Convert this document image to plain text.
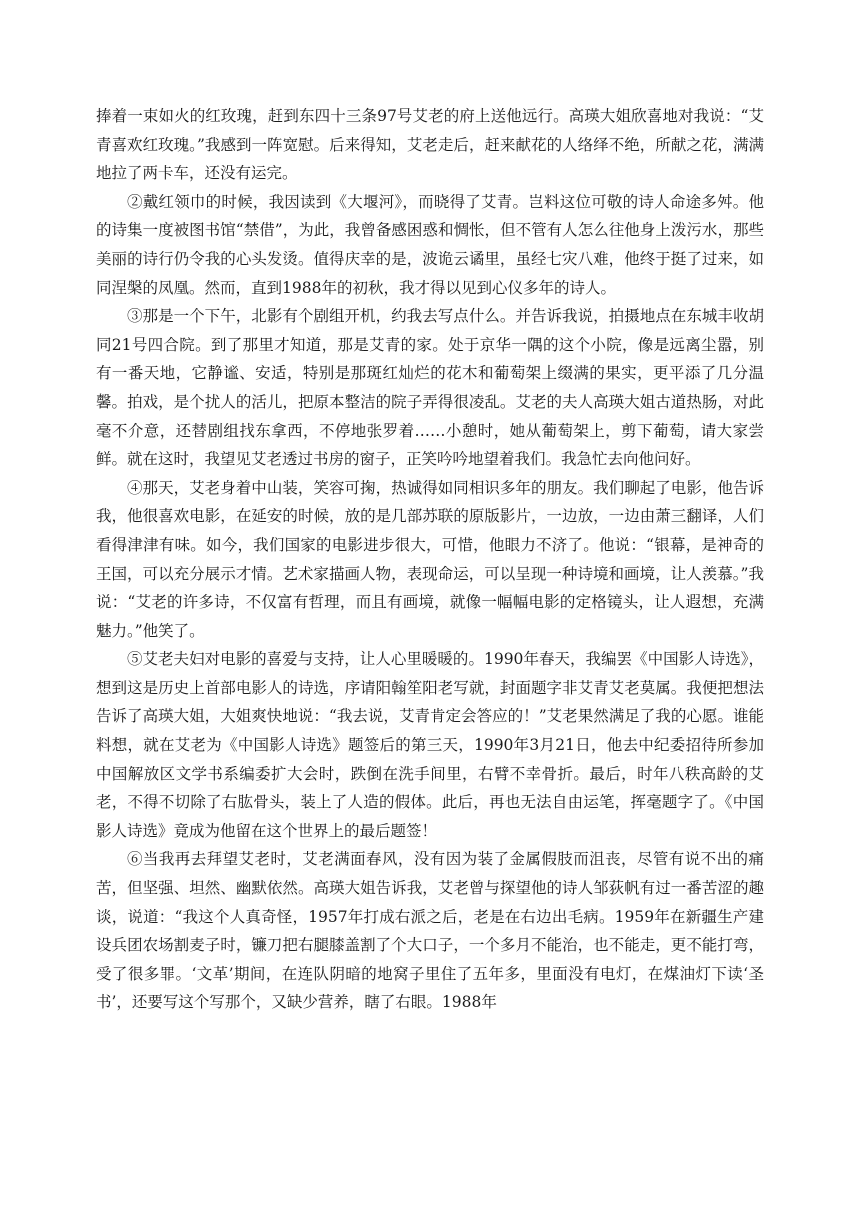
捧着一束如火的红玫瑰，赶到东四十三条97号艾老的府上送他远行。高瑛大姐欣喜地对我说：“艾青喜欢红玫瑰。”我感到一阵宽慰。后来得知，艾老走后，赶来献花的人络绎不绝，所献之花，满满地拉了两卡车，还没有运完。

②戴红领巾的时候，我因读到《大堰河》，而晓得了艾青。岂料这位可敬的诗人命途多舛。他的诗集一度被图书馆“禁借”，为此，我曾备感困惑和惆怅，但不管有人怎么往他身上泼污水，那些美丽的诗行仍令我的心头发烫。值得庆幸的是，波诡云谲里，虽经七灾八难，他终于挺了过来，如同涅槃的凤凰。然而，直到1988年的初秋，我才得以见到心仪多年的诗人。

③那是一个下午，北影有个剧组开机，约我去写点什么。并告诉我说，拍摄地点在东城丰收胡同21号四合院。到了那里才知道，那是艾青的家。处于京华一隅的这个小院，像是远离尘嚣，别有一番天地，它静谧、安适，特别是那斑红灿烂的花木和葡萄架上缀满的果实，更平添了几分温馨。拍戏，是个扰人的活儿，把原本整洁的院子弄得很凌乱。艾老的夫人高瑛大姐古道热肠，对此毫不介意，还替剧组找东拿西，不停地张罗着……小憩时，她从葡萄架上，剪下葡萄，请大家尝鲜。就在这时，我望见艾老透过书房的窗子，正笑吟吟地望着我们。我急忙去向他问好。

④那天，艾老身着中山装，笑容可掬，热诚得如同相识多年的朋友。我们聊起了电影，他告诉我，他很喜欢电影，在延安的时候，放的是几部苏联的原版影片，一边放，一边由萧三翻译，人们看得津津有味。如今，我们国家的电影进步很大，可惜，他眼力不济了。他说：“银幕，是神奇的王国，可以充分展示才情。艺术家描画人物，表现命运，可以呈现一种诗境和画境，让人羡慕。”我说：“艾老的许多诗，不仅富有哲理，而且有画境，就像一幅幅电影的定格镜头，让人遐想，充满魅力。”他笑了。

⑤艾老夫妇对电影的喜爱与支持，让人心里暖暖的。1990年春天，我编罢《中国影人诗选》，想到这是历史上首部电影人的诗选，序请阳翰笙阳老写就，封面题字非艾青艾老莫属。我便把想法告诉了高瑛大姐，大姐爽快地说：“我去说，艾青肯定会答应的！”艾老果然满足了我的心愿。谁能料想，就在艾老为《中国影人诗选》题签后的第三天，1990年3月21日，他去中纪委招待所参加中国解放区文学书系编委扩大会时，跌倒在洗手间里，右臂不幸骨折。最后，时年八秩高龄的艾老，不得不切除了右肱骨头，装上了人造的假体。此后，再也无法自由运笔，挥毫题字了。《中国影人诗选》竟成为他留在这个世界上的最后题签！

⑥当我再去拜望艾老时，艾老满面春风，没有因为装了金属假肢而沮丧，尽管有说不出的痛苦，但坚强、坦然、幽默依然。高瑛大姐告诉我，艾老曾与探望他的诗人邹荻帆有过一番苦涩的趣谈，说道：“我这个人真奇怪，1957年打成右派之后，老是在右边出毛病。1959年在新疆生产建设兵团农场割麦子时，镰刀把右腿膝盖割了个大口子，一个多月不能治，也不能走，更不能打弯，受了很多罪。‘文革’期间，在连队阴暗的地窝子里住了五年多，里面没有电灯，在煤油灯下读‘圣书’，还要写这个写那个，又缺少营养，瞎了右眼。1988年
